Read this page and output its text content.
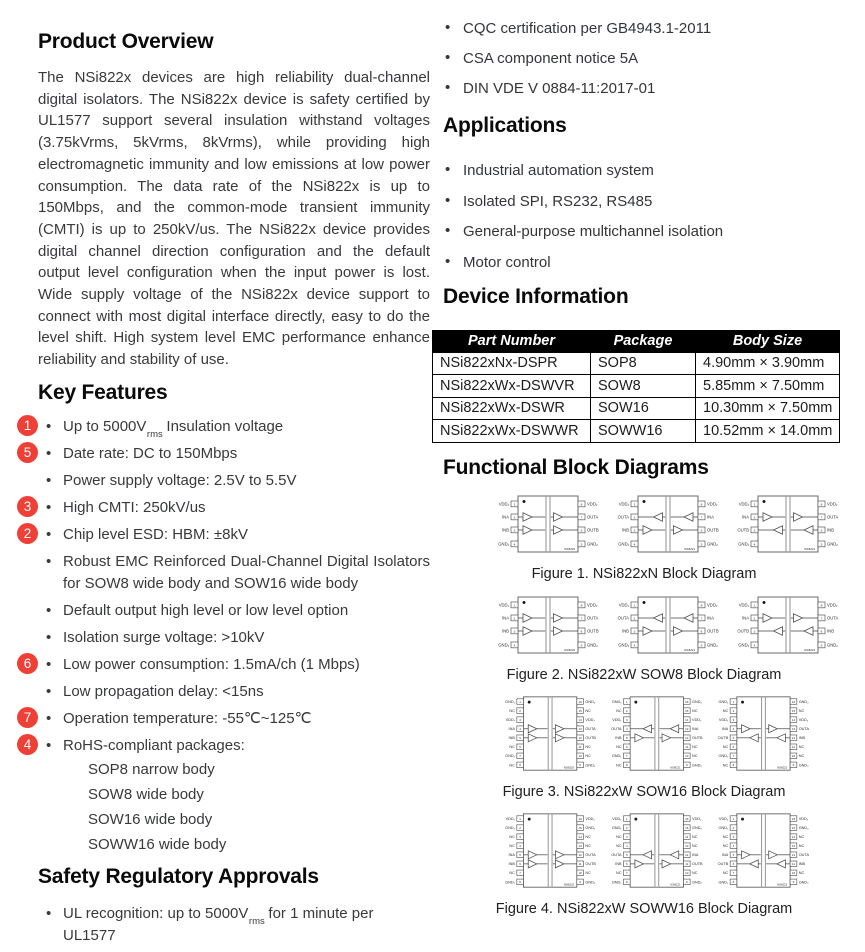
Product Overview

The NSi822x devices are high reliability dual-channel digital isolators. The NSi822x device is safety certified by UL1577 support several insulation withstand voltages (3.75kVrms, 5kVrms, 8kVrms), while providing high electromagnetic immunity and low emissions at low power consumption. The data rate of the NSi822x is up to 150Mbps, and the common-mode transient immunity (CMTI) is up to 250kV/us. The NSi822x device provides digital channel direction configuration and the default output level configuration when the input power is lost. Wide supply voltage of the NSi822x device support to connect with most digital interface directly, easy to do the level shift. High system level EMC performance enhance reliability and stability of use.

Key Features
1 • Up to $5000V_{rms}$ Insulation voltage
5 • Date rate: DC to 150Mbps
• Power supply voltage: 2.5V to 5.5V
3 • High CMTI: 250kV/us
2 • Chip level ESD: HBM: ±8kV
• Robust EMC Reinforced Dual-Channel Digital Isolators for SOW8 wide body and SOW16 wide body
• Default output high level or low level option
• Isolation surge voltage: >10kV
6 • Low power consumption: 1.5mA/ch (1 Mbps)
• Low propagation delay: <15ns
7 • Operation temperature: -55℃~125℃
4 • RoHS-compliant packages:
SOP8 narrow body
SOW8 wide body
SOW16 wide body
SOWW16 wide body
Safety Regulatory Approvals
• UL recognition: up to $5000V_{rms}$ for 1 minute per UL1577
• CQC certification per GB4943.1-2011
• CSA component notice 5A
• DIN VDE V 0884-11:2017-01
Applications
• Industrial automation system
• Isolated SPI, RS232, RS485
• General-purpose multichannel isolation
• Motor control
Device Information
Part Number	Package	Body Size
NSi822xNx-DSPR	SOP8	4.90mm × 3.90mm
NSi822xWx-DSWVR	SOW8	5.85mm × 7.50mm
NSi822xWx-DSWR	SOW16	10.30mm × 7.50mm
NSi822xWx-DSWWR	SOWW16	10.52mm × 14.0mm
Functional Block Diagrams
1
VDD₁	8 VDD₂
2
INA	7 OUTA
3
INB	6 OUTB
4
GND₁	5 GND₂
NSi8220
1
VDD₁	8 VDD₂
2
OUTA	7 INA
3
INB	6 OUTB
4
GND₁	5 GND₂
NSi8221
1
VDD₁	8 VDD₂
2
INA	7 OUTA
3
OUTB	6 INB
4
GND₁	5 GND₂
NSi8222
Figure 1. NSi822xN Block Diagram
1
VDD₁	8 VDD₂
2
INA	7 OUTA
3
INB	6 OUTB
4
GND₁	5 GND₂
NSi8220
1
VDD₁	8 VDD₂
2
OUTA	7 INA
3
INB	6 OUTB
4
GND₁	5 GND₂
NSi8221
1
VDD₁	8 VDD₂
2
INA	7 OUTA
3
OUTB	6 INB
4
GND₁	5 GND₂
NSi8222
Figure 2. NSi822xW SOW8 Block Diagram
1
GND₁	16 GND₂
2
NC	15 NC
3
VDD₁	14 VDD₂
4
INA	13 OUTA
5
INB	12 OUTB
6
NC	11 NC
7
GND₁	10 NC
8
NC	9 GND₂
NSi8220
1
GND₁	16 GND₂
2
NC	15 NC
3
VDD₁	14 VDD₂
4
OUTA	13 INA
5
INB	12 OUTB
6
NC	11 NC
7
GND₁	10 NC
8
NC	9 GND₂
NSi8221
1
GND₁	16 GND₂
2
NC	15 NC
3
VDD₁	14 VDD₂
4
INA	13 OUTA
5
OUTB	12 INB
6
NC	11 NC
7
GND₁	10 NC
8
NC	9 GND₂
NSi8222
Figure 3. NSi822xW SOW16 Block Diagram
1
VDD₁	16 VDD₂
2
GND₁	15 GND₂
3
NC	14 NC
4
NC	13 NC
5
INA	12 OUTA
6
INB	11 OUTB
7
NC	10 NC
8
GND₁	9 GND₂
NSi8220
1
VDD₁	16 VDD₂
2
GND₁	15 GND₂
3
NC	14 NC
4
NC	13 NC
5
OUTA	12 INA
6
INB	11 OUTB
7
NC	10 NC
8
GND₁	9 GND₂
NSi8221
1
VDD₁	16 VDD₂
2
GND₁	15 GND₂
3
NC	14 NC
4
NC	13 NC
5
INA	12 OUTA
6
OUTB	11 INB
7
NC	10 NC
8
GND₁	9 GND₂
NSi8222
Figure 4. NSi822xW SOWW16 Block Diagram
